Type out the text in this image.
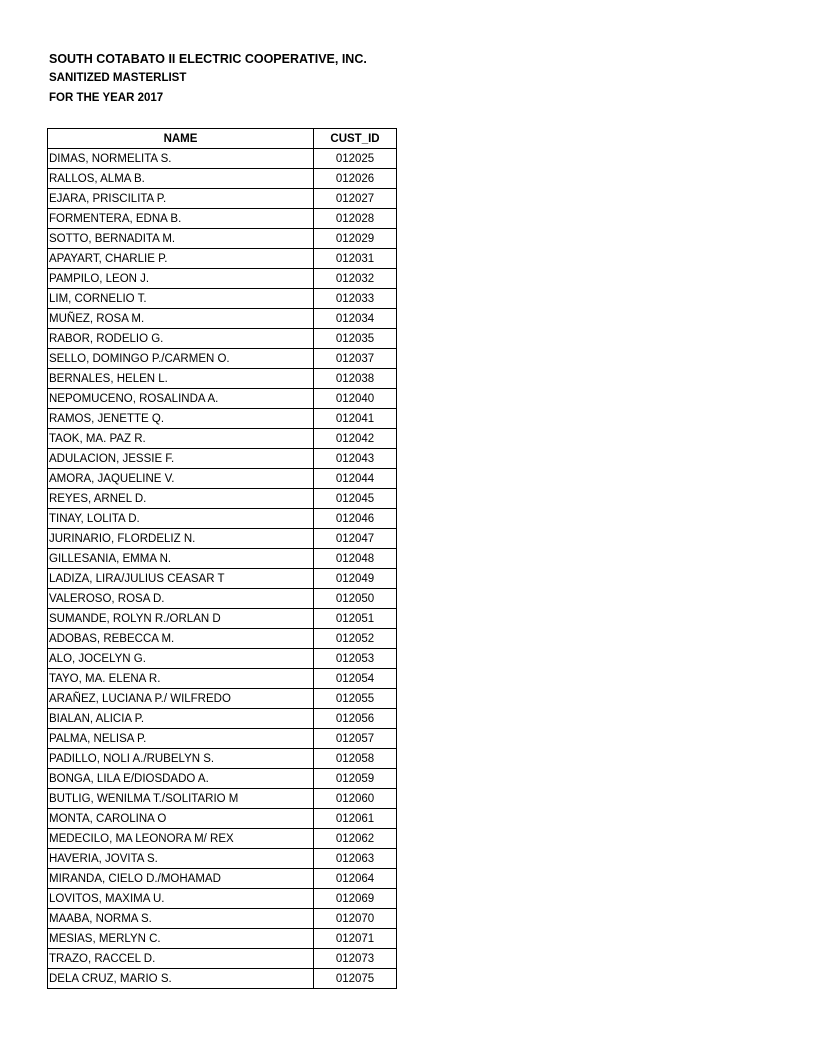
SOUTH COTABATO II ELECTRIC COOPERATIVE, INC.
SANITIZED MASTERLIST
FOR THE YEAR 2017
NAME	CUST_ID
DIMAS, NORMELITA S.	012025
RALLOS, ALMA B.	012026
EJARA, PRISCILITA P.	012027
FORMENTERA, EDNA B.	012028
SOTTO, BERNADITA M.	012029
APAYART, CHARLIE P.	012031
PAMPILO, LEON J.	012032
LIM, CORNELIO T.	012033
MUÑEZ, ROSA M.	012034
RABOR, RODELIO G.	012035
SELLO, DOMINGO P./CARMEN O.	012037
BERNALES, HELEN L.	012038
NEPOMUCENO, ROSALINDA A.	012040
RAMOS, JENETTE Q.	012041
TAOK, MA. PAZ R.	012042
ADULACION, JESSIE F.	012043
AMORA, JAQUELINE V.	012044
REYES, ARNEL D.	012045
TINAY, LOLITA D.	012046
JURINARIO, FLORDELIZ N.	012047
GILLESANIA, EMMA N.	012048
LADIZA, LIRA/JULIUS CEASAR T	012049
VALEROSO, ROSA D.	012050
SUMANDE, ROLYN R./ORLAN D	012051
ADOBAS, REBECCA M.	012052
ALO, JOCELYN G.	012053
TAYO, MA. ELENA R.	012054
ARAÑEZ, LUCIANA P./ WILFREDO	012055
BIALAN, ALICIA P.	012056
PALMA, NELISA P.	012057
PADILLO, NOLI A./RUBELYN S.	012058
BONGA, LILA E/DIOSDADO A.	012059
BUTLIG, WENILMA T./SOLITARIO M	012060
MONTA, CAROLINA O	012061
MEDECILO, MA LEONORA M/ REX	012062
HAVERIA, JOVITA S.	012063
MIRANDA, CIELO D./MOHAMAD	012064
LOVITOS, MAXIMA U.	012069
MAABA, NORMA S.	012070
MESIAS, MERLYN C.	012071
TRAZO, RACCEL D.	012073
DELA CRUZ, MARIO S.	012075
